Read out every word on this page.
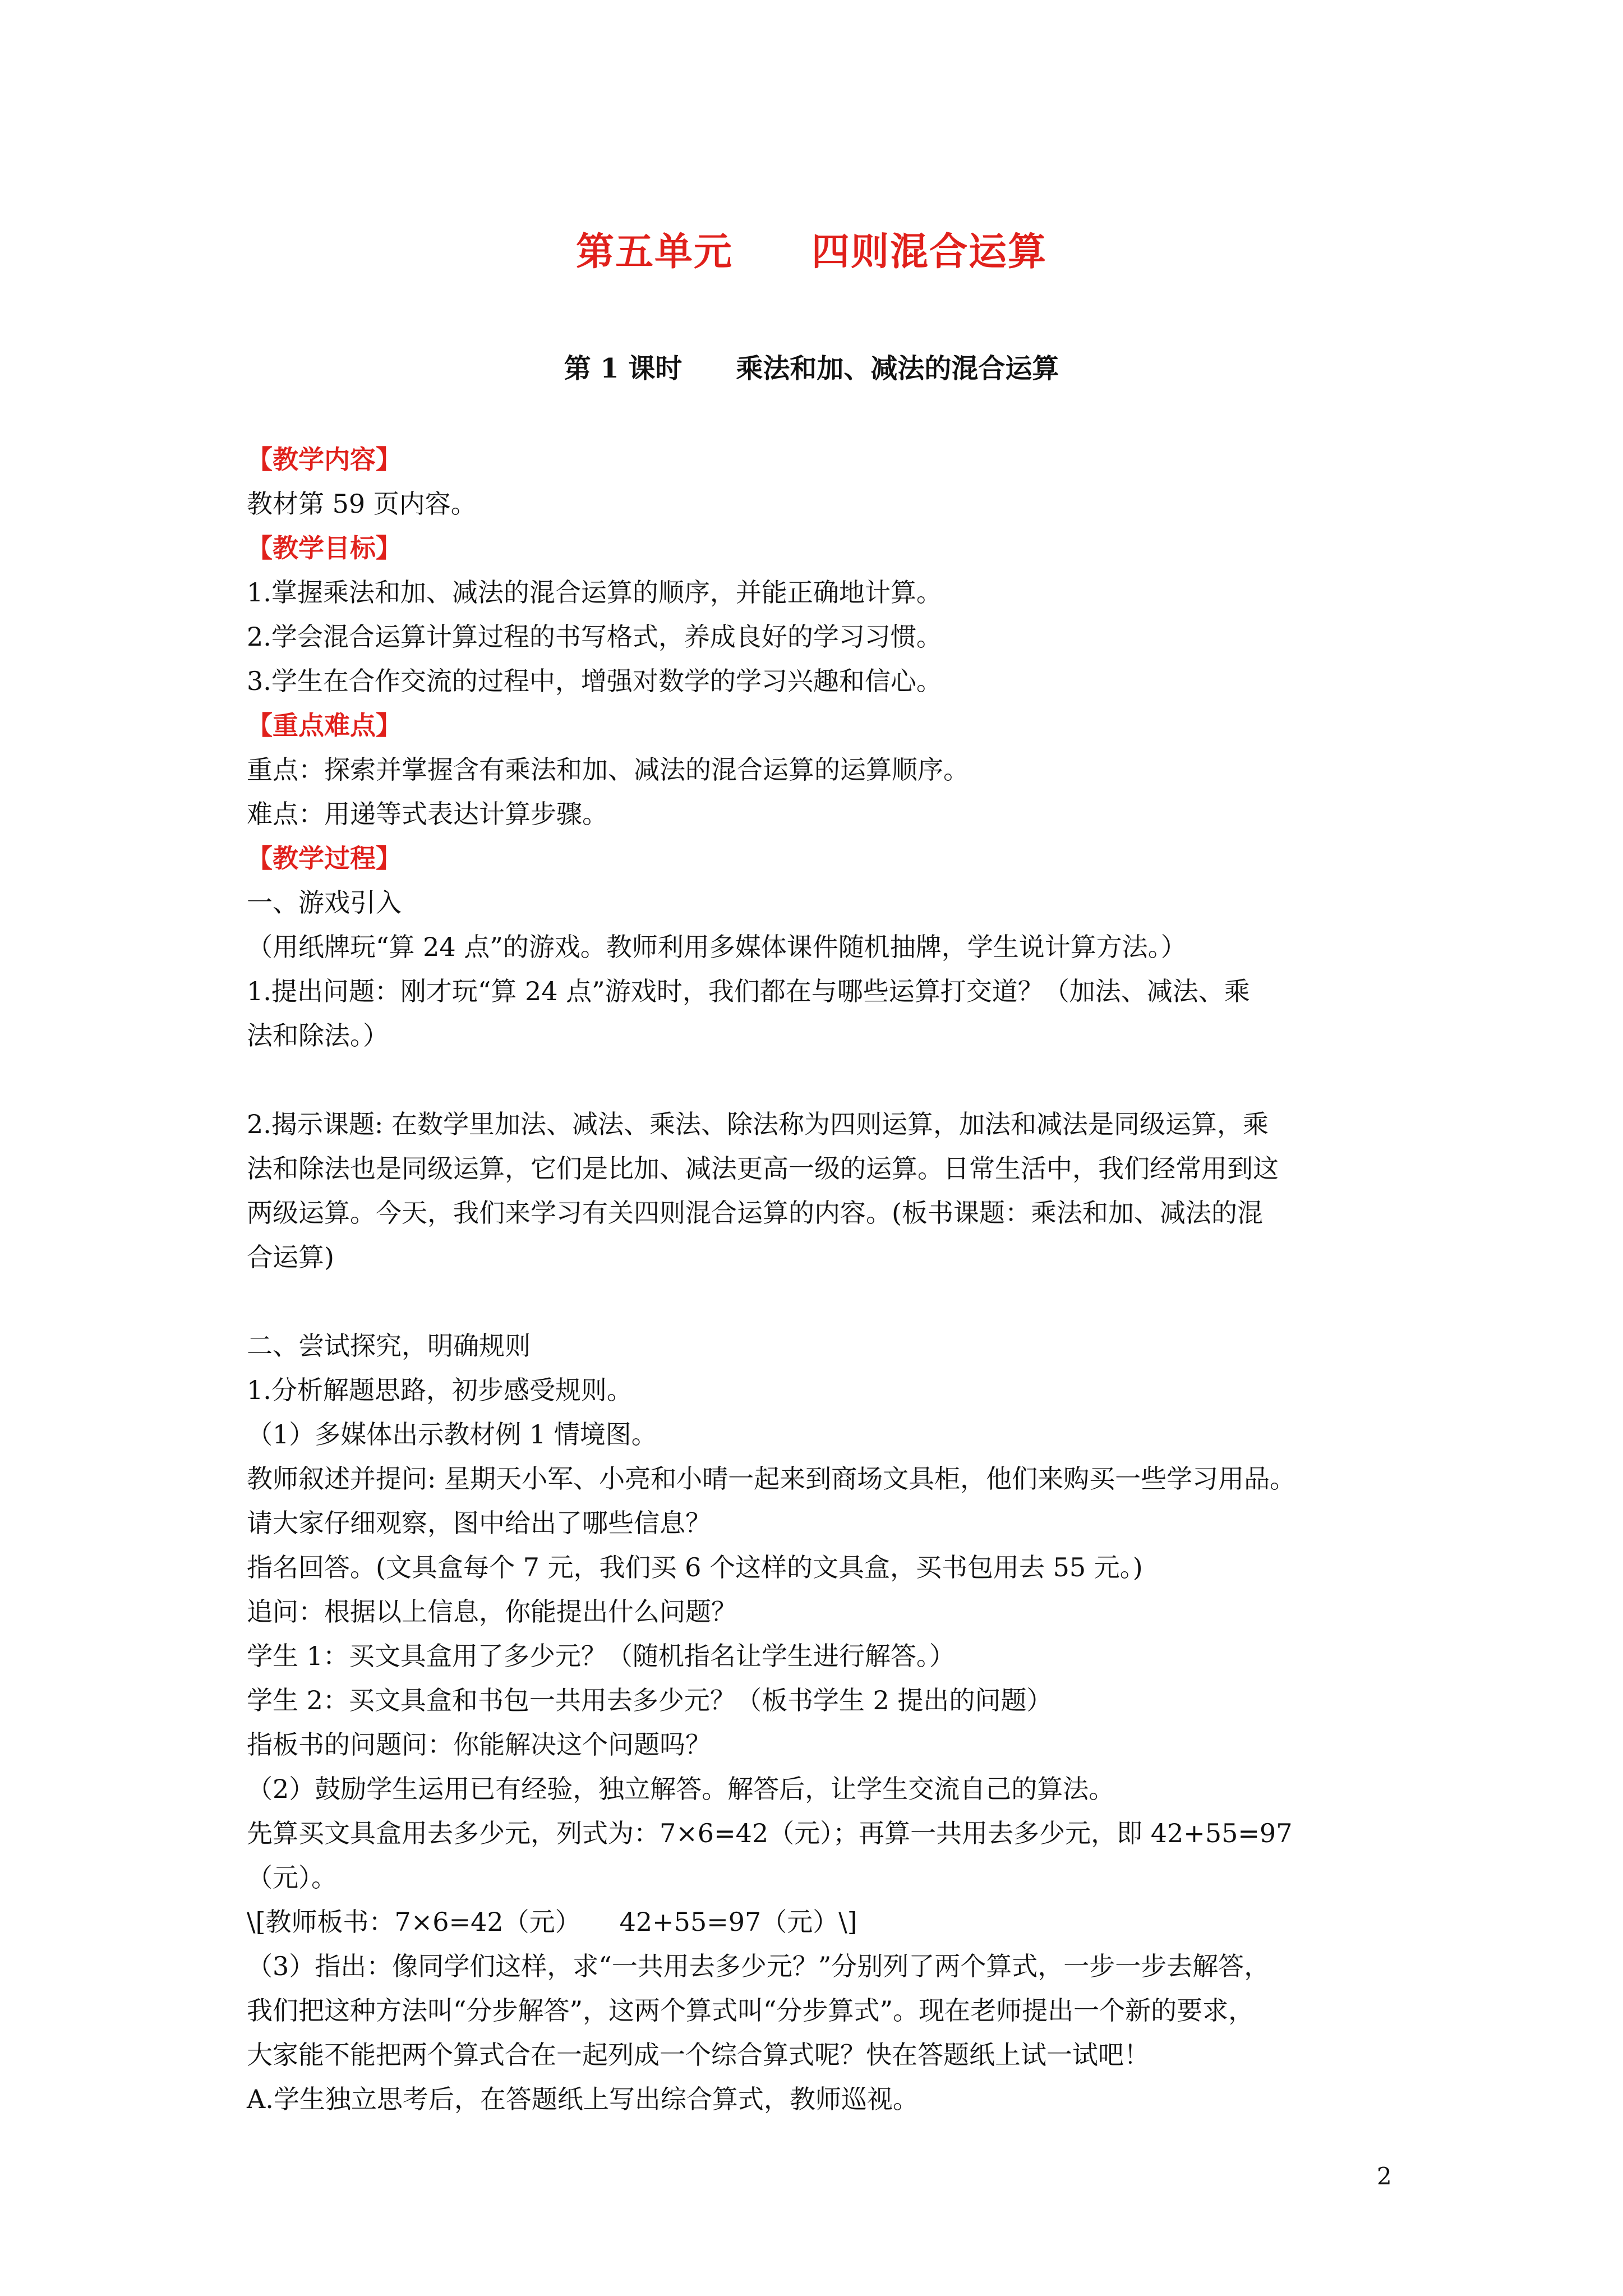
第五单元　　四则混合运算
第 1 课时　　乘法和加、减法的混合运算
【教学内容】
教材第 59 页内容。
【教学目标】
1.掌握乘法和加、减法的混合运算的顺序，并能正确地计算。
2.学会混合运算计算过程的书写格式，养成良好的学习习惯。
3.学生在合作交流的过程中，增强对数学的学习兴趣和信心。
【重点难点】
重点：探索并掌握含有乘法和加、减法的混合运算的运算顺序。
难点：用递等式表达计算步骤。
【教学过程】
一、游戏引入
（用纸牌玩“算 24 点”的游戏。教师利用多媒体课件随机抽牌，学生说计算方法。）
1.提出问题：刚才玩“算 24 点”游戏时，我们都在与哪些运算打交道？（加法、减法、乘
法和除法。）
2.揭示课题: 在数学里加法、减法、乘法、除法称为四则运算，加法和减法是同级运算，乘
法和除法也是同级运算，它们是比加、减法更高一级的运算。日常生活中，我们经常用到这
两级运算。今天，我们来学习有关四则混合运算的内容。(板书课题：乘法和加、减法的混
合运算)
二、尝试探究，明确规则
1.分析解题思路，初步感受规则。
（1）多媒体出示教材例 1 情境图。
教师叙述并提问: 星期天小军、小亮和小晴一起来到商场文具柜，他们来购买一些学习用品。
请大家仔细观察，图中给出了哪些信息？
指名回答。(文具盒每个 7 元，我们买 6 个这样的文具盒，买书包用去 55 元。)
追问：根据以上信息，你能提出什么问题？
学生 1：买文具盒用了多少元？（随机指名让学生进行解答。）
学生 2：买文具盒和书包一共用去多少元？（板书学生 2 提出的问题）
指板书的问题问：你能解决这个问题吗？
（2）鼓励学生运用已有经验，独立解答。解答后，让学生交流自己的算法。
先算买文具盒用去多少元，列式为：7×6=42（元）；再算一共用去多少元，即 42+55=97
（元）。
\[教师板书：7×6=42（元）　　42+55=97（元）\]
（3）指出：像同学们这样，求“一共用去多少元？”分别列了两个算式，一步一步去解答，
我们把这种方法叫“分步解答”，这两个算式叫“分步算式”。现在老师提出一个新的要求，
大家能不能把两个算式合在一起列成一个综合算式呢？快在答题纸上试一试吧！
A.学生独立思考后，在答题纸上写出综合算式，教师巡视。
2
